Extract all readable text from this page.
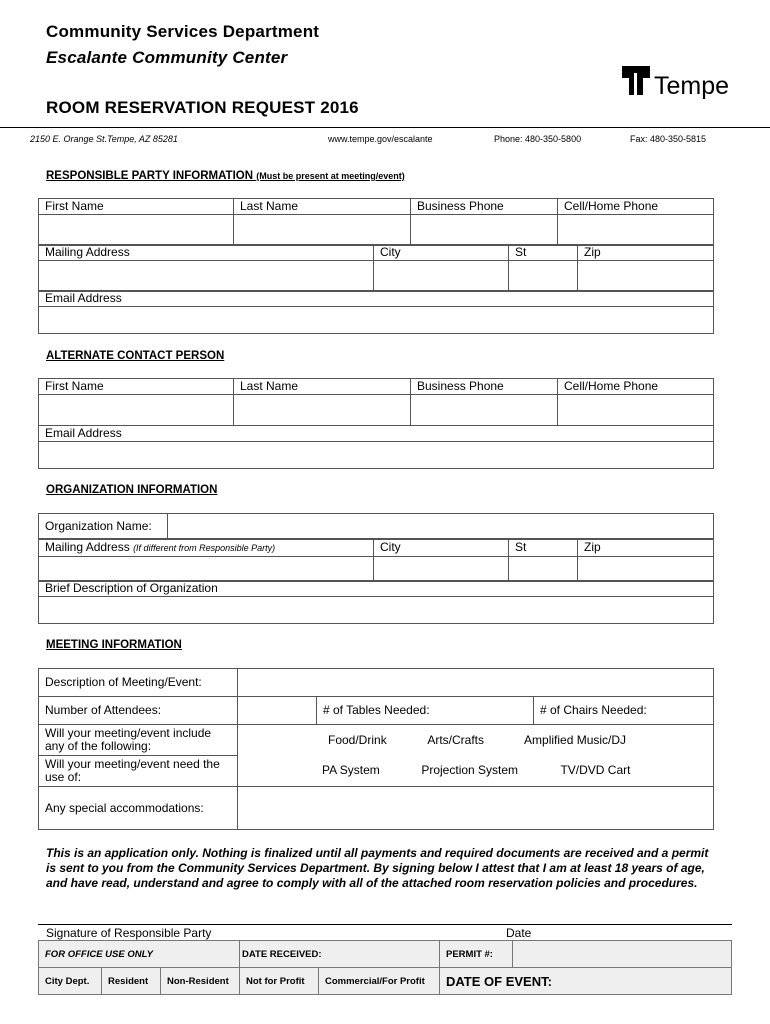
Community Services Department
Escalante Community Center
ROOM RESERVATION REQUEST 2016
Tempe
2150 E. Orange St.Tempe, AZ 85281	www.tempe.gov/escalante	Phone: 480-350-5800	Fax: 480-350-5815
RESPONSIBLE PARTY INFORMATION (Must be present at meeting/event)
First Name	Last Name	Business Phone	Cell/Home Phone

Mailing Address	City	St	Zip

Email Address

ALTERNATE CONTACT PERSON
First Name	Last Name	Business Phone	Cell/Home Phone

Email Address

ORGANIZATION INFORMATION
Organization Name:	
Mailing Address (If different from Responsible Party)	City	St	Zip

Brief Description of Organization

MEETING INFORMATION
Description of Meeting/Event:			
Number of Attendees:		# of Tables Needed:	# of Chairs Needed:
Will your meeting/event include any of the following:	Food/Drink Arts/Crafts Amplified Music/DJ		
Will your meeting/event need the use of:	PA System Projection System TV/DVD Cart		
Any special accommodations:			
This is an application only. Nothing is finalized until all payments and required documents are received and a permit is sent to you from the Community Services Department. By signing below I attest that I am at least 18 years of age, and have read, understand and agree to comply with all of the attached room reservation policies and procedures.
Signature of Responsible Party	Date
FOR OFFICE USE ONLY			DATE RECEIVED:		PERMIT #:	
City Dept.	Resident	Non-Resident	Not for Profit	Commercial/For Profit	DATE OF EVENT:	
